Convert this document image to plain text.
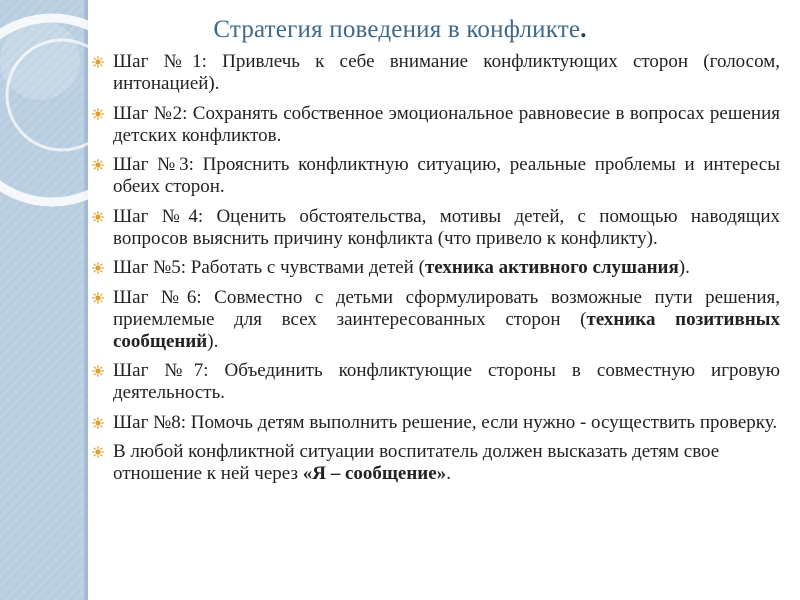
Стратегия поведения в конфликте.
Шаг №1: Привлечь к себе внимание конфликтующих сторон (голосом, интонацией).
Шаг №2: Сохранять собственное эмоциональное равновесие в вопросах решения детских конфликтов.
Шаг №3: Прояснить конфликтную ситуацию, реальные проблемы и интересы обеих сторон.
Шаг №4: Оценить обстоятельства, мотивы детей, с помощью наводящих вопросов выяснить причину конфликта (что привело к конфликту).
Шаг №5: Работать с чувствами детей (техника активного слушания).
Шаг №6: Совместно с детьми сформулировать возможные пути решения, приемлемые для всех заинтересованных сторон (техника позитивных сообщений).
Шаг №7: Объединить конфликтующие стороны в совместную игровую деятельность.
Шаг №8: Помочь детям выполнить решение, если нужно - осуществить проверку.
В любой конфликтной ситуации воспитатель должен высказать детям свое отношение к ней через «Я – сообщение».
